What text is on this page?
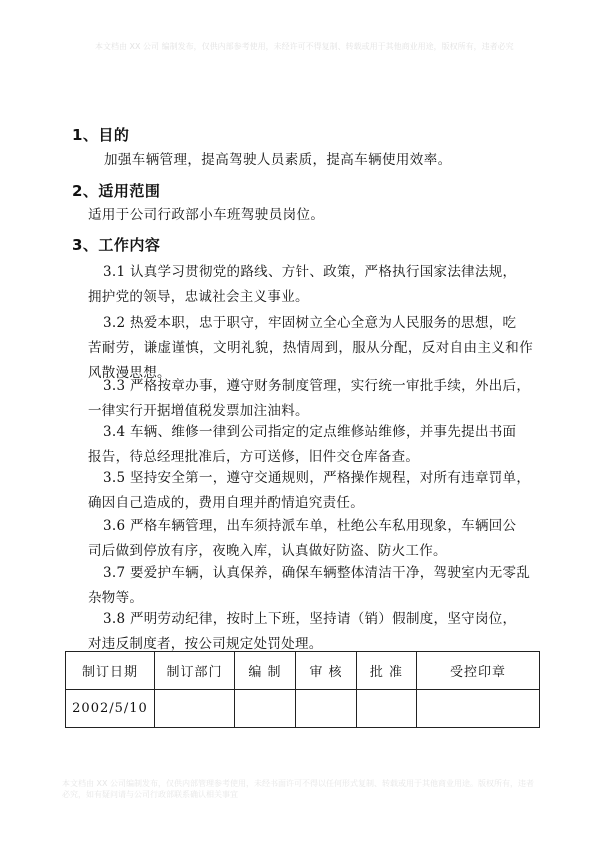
本文档由 XX 公司 编制发布，仅供内部参考使用，未经许可不得复制、转载或用于其他商业用途，版权所有，违者必究
1、目的
加强车辆管理，提高驾驶人员素质，提高车辆使用效率。
2、适用范围
适用于公司行政部小车班驾驶员岗位。
3、工作内容
3.1 认真学习贯彻党的路线、方针、政策，严格执行国家法律法规，
拥护党的领导，忠诚社会主义事业。
3.2 热爱本职，忠于职守，牢固树立全心全意为人民服务的思想，吃
苦耐劳，谦虚谨慎，文明礼貌，热情周到，服从分配，反对自由主义和作风散漫思想。
3.3 严格按章办事，遵守财务制度管理，实行统一审批手续，外出后，
一律实行开据增值税发票加注油料。
3.4 车辆、维修一律到公司指定的定点维修站维修，并事先提出书面
报告，待总经理批准后，方可送修，旧件交仓库备查。
3.5 坚持安全第一，遵守交通规则，严格操作规程，对所有违章罚单，
确因自己造成的，费用自理并酌情追究责任。
3.6 严格车辆管理，出车须持派车单，杜绝公车私用现象，车辆回公
司后做到停放有序，夜晚入库，认真做好防盗、防火工作。
3.7 要爱护车辆，认真保养，确保车辆整体清洁干净，驾驶室内无零乱
杂物等。
3.8 严明劳动纪律，按时上下班，坚持请（销）假制度，坚守岗位，
对违反制度者，按公司规定处罚处理。
制订日期	制订部门	编 制	审 核	批 准	受控印章
2002/5/10					
本文档由 XX 公司编制发布，仅供内部管理参考使用，未经书面许可不得以任何形式复制、转载或用于其他商业用途。版权所有，违者必究，如有疑问请与公司行政部联系确认相关事宜
